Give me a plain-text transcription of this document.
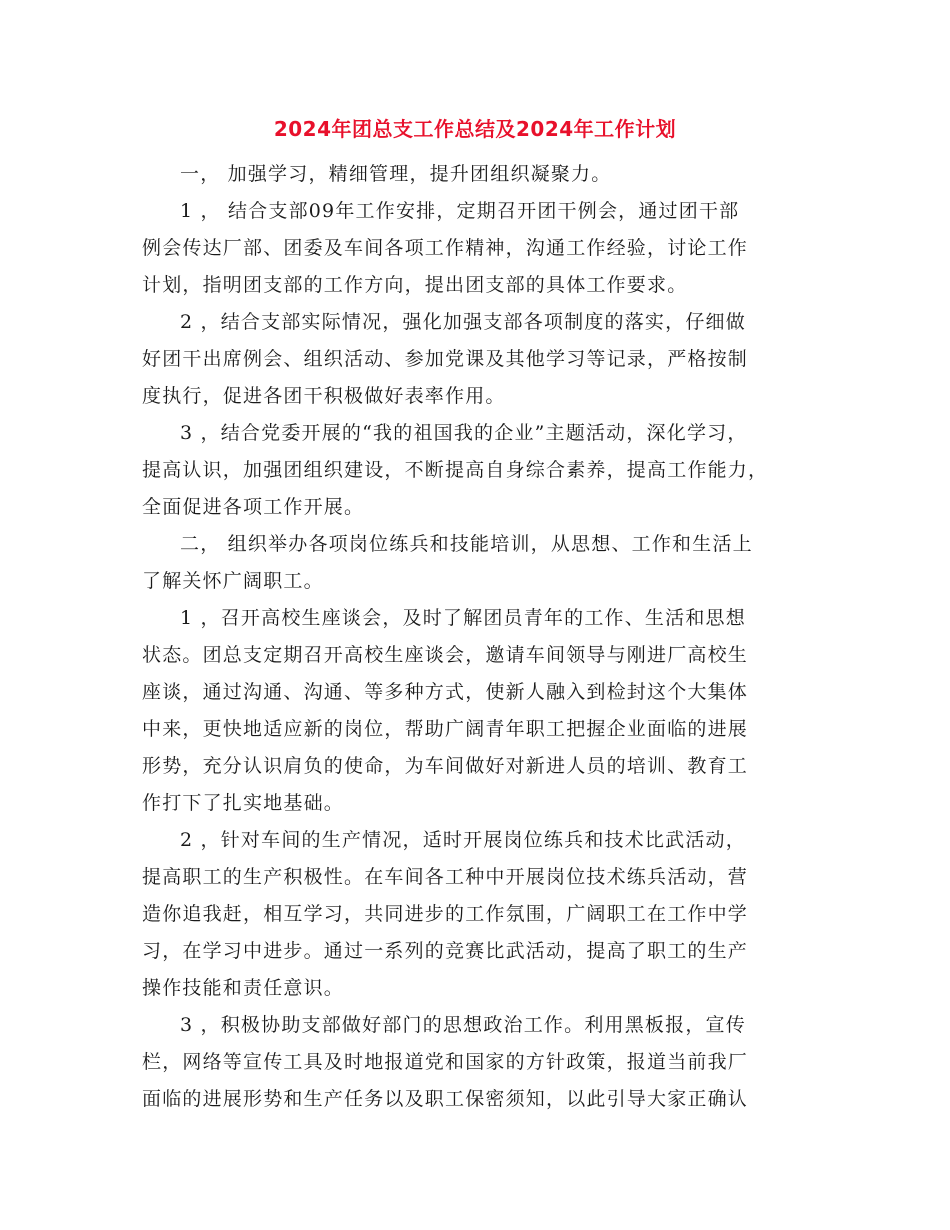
2024年团总支工作总结及2024年工作计划
一， 加强学习，精细管理，提升团组织凝聚力。
1 ， 结合支部09年工作安排，定期召开团干例会，通过团干部
例会传达厂部、团委及车间各项工作精神，沟通工作经验，讨论工作
计划，指明团支部的工作方向，提出团支部的具体工作要求。
2 ，结合支部实际情况，强化加强支部各项制度的落实，仔细做
好团干出席例会、组织活动、参加党课及其他学习等记录，严格按制
度执行，促进各团干积极做好表率作用。
3 ，结合党委开展的“我的祖国我的企业”主题活动，深化学习，
提高认识，加强团组织建设，不断提高自身综合素养，提高工作能力，
全面促进各项工作开展。
二， 组织举办各项岗位练兵和技能培训，从思想、工作和生活上
了解关怀广阔职工。
1 ，召开高校生座谈会，及时了解团员青年的工作、生活和思想
状态。团总支定期召开高校生座谈会，邀请车间领导与刚进厂高校生
座谈，通过沟通、沟通、等多种方式，使新人融入到检封这个大集体
中来，更快地适应新的岗位，帮助广阔青年职工把握企业面临的进展
形势，充分认识肩负的使命，为车间做好对新进人员的培训、教育工
作打下了扎实地基础。
2 ，针对车间的生产情况，适时开展岗位练兵和技术比武活动，
提高职工的生产积极性。在车间各工种中开展岗位技术练兵活动，营
造你追我赶，相互学习，共同进步的工作氛围，广阔职工在工作中学
习，在学习中进步。通过一系列的竞赛比武活动，提高了职工的生产
操作技能和责任意识。
3 ，积极协助支部做好部门的思想政治工作。利用黑板报，宣传
栏，网络等宣传工具及时地报道党和国家的方针政策，报道当前我厂
面临的进展形势和生产任务以及职工保密须知，以此引导大家正确认
